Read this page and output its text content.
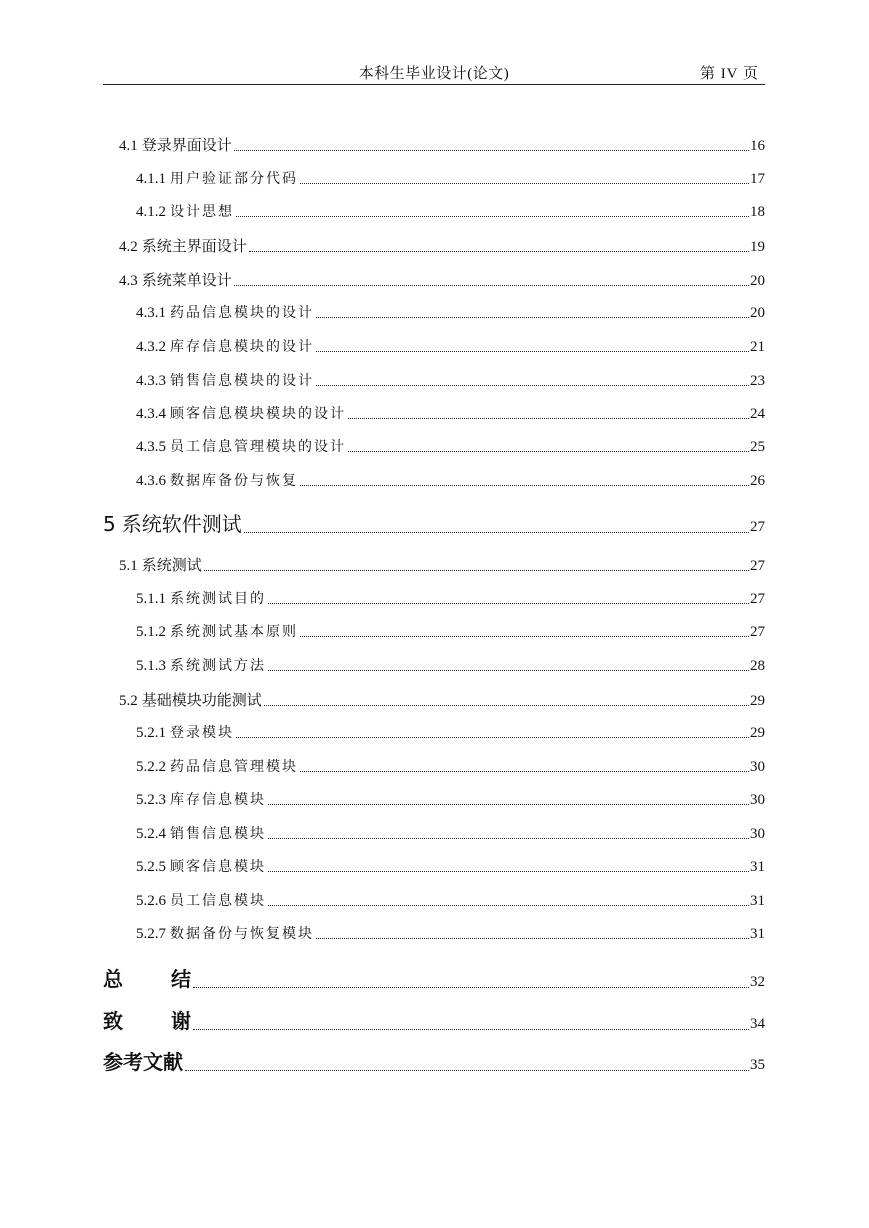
本科生毕业设计(论文)	第 IV 页
4.1 登录界面设计	16
4.1.1 用户验证部分代码	17
4.1.2 设计思想	18
4.2 系统主界面设计	19
4.3 系统菜单设计	20
4.3.1 药品信息模块的设计	20
4.3.2 库存信息模块的设计	21
4.3.3 销售信息模块的设计	23
4.3.4 顾客信息模块模块的设计	24
4.3.5 员工信息管理模块的设计	25
4.3.6 数据库备份与恢复	26
5 系统软件测试	27
5.1 系统测试	27
5.1.1 系统测试目的	27
5.1.2 系统测试基本原则	27
5.1.3 系统测试方法	28
5.2 基础模块功能测试	29
5.2.1 登录模块	29
5.2.2 药品信息管理模块	30
5.2.3 库存信息模块	30
5.2.4 销售信息模块	30
5.2.5 顾客信息模块	31
5.2.6 员工信息模块	31
5.2.7 数据备份与恢复模块	31
总 结	32
致 谢	34
参考文献	35
